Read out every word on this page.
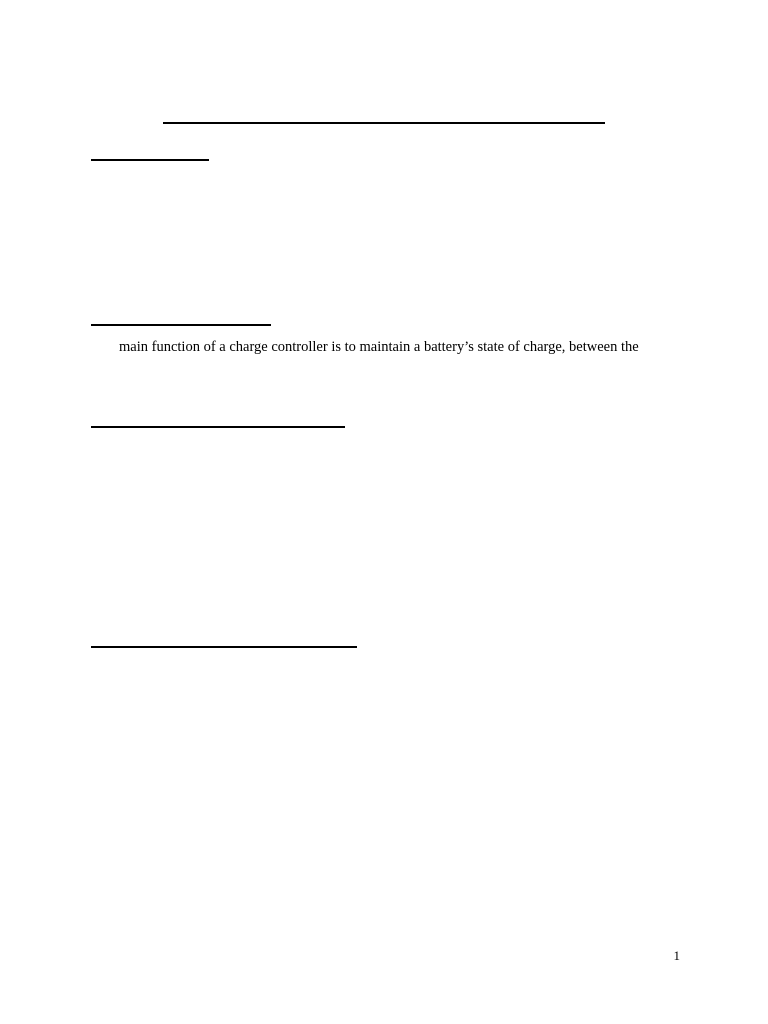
main function of a charge controller is to maintain a battery’s state of charge, between the
1
